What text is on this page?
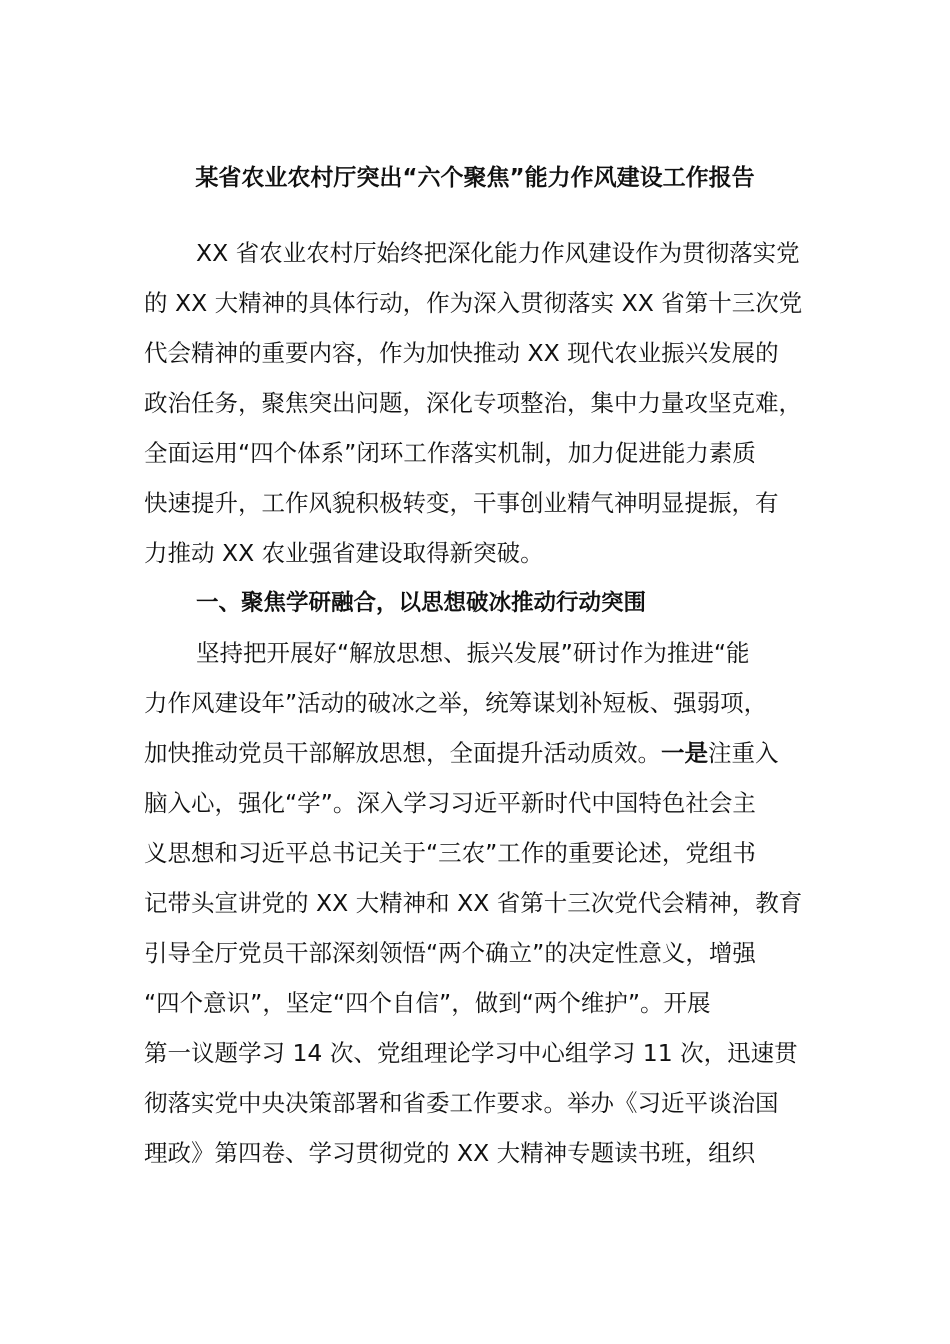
某省农业农村厅突出“六个聚焦”能力作风建设工作报告
XX 省农业农村厅始终把深化能力作风建设作为贯彻落实党
的 XX 大精神的具体行动，作为深入贯彻落实 XX 省第十三次党
代会精神的重要内容，作为加快推动 XX 现代农业振兴发展的
政治任务，聚焦突出问题，深化专项整治，集中力量攻坚克难，
全面运用“四个体系”闭环工作落实机制，加力促进能力素质
快速提升，工作风貌积极转变，干事创业精气神明显提振，有
力推动 XX 农业强省建设取得新突破。
一、聚焦学研融合，以思想破冰推动行动突围
坚持把开展好“解放思想、振兴发展”研讨作为推进“能
力作风建设年”活动的破冰之举，统筹谋划补短板、强弱项，
加快推动党员干部解放思想，全面提升活动质效。一是注重入
脑入心，强化“学”。深入学习习近平新时代中国特色社会主
义思想和习近平总书记关于“三农”工作的重要论述，党组书
记带头宣讲党的 XX 大精神和 XX 省第十三次党代会精神，教育
引导全厅党员干部深刻领悟“两个确立”的决定性意义，增强
“四个意识”，坚定“四个自信”，做到“两个维护”。开展
第一议题学习 14 次、党组理论学习中心组学习 11 次，迅速贯
彻落实党中央决策部署和省委工作要求。举办《习近平谈治国
理政》第四卷、学习贯彻党的 XX 大精神专题读书班，组织
